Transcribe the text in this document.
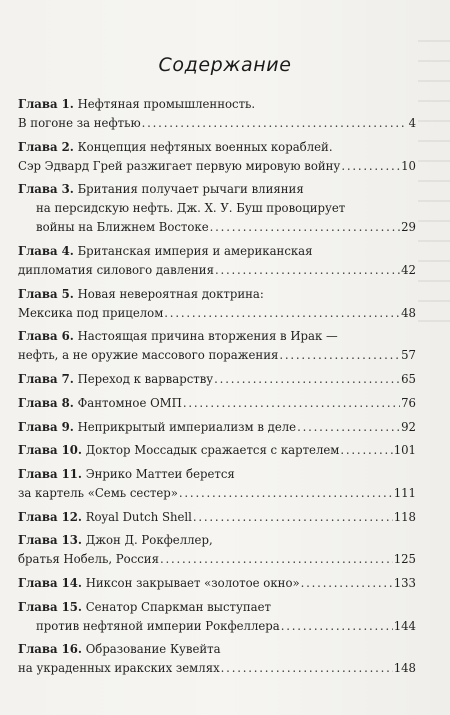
Содержание
Глава 1. Нефтяная промышленность.
В погоне за нефтью .....	4
Глава 2. Концепция нефтяных военных кораблей.
Сэр Эдвард Грей разжигает первую мировую войну .....	10
Глава 3. Британия получает рычаги влияния
на персидскую нефть. Дж. Х. У. Буш провоцирует
войны на Ближнем Востоке .....	29
Глава 4. Британская империя и американская
дипломатия силового давления .....	42
Глава 5. Новая невероятная доктрина:
Мексика под прицелом .....	48
Глава 6. Настоящая причина вторжения в Ирак —
нефть, а не оружие массового поражения .....	57
Глава 7. Переход к варварству .....	65
Глава 8. Фантомное ОМП .....	76
Глава 9. Неприкрытый империализм в деле .....	92
Глава 10. Доктор Моссадык сражается с картелем .....	101
Глава 11. Энрико Маттеи берется
за картель «Семь сестер» .....	111
Глава 12. Royal Dutch Shell .....	118
Глава 13. Джон Д. Рокфеллер,
братья Нобель, Россия .....	125
Глава 14. Никсон закрывает «золотое окно» .....	133
Глава 15. Сенатор Спаркман выступает
против нефтяной империи Рокфеллера .....	144
Глава 16. Образование Кувейта
на украденных иракских землях .....	148
